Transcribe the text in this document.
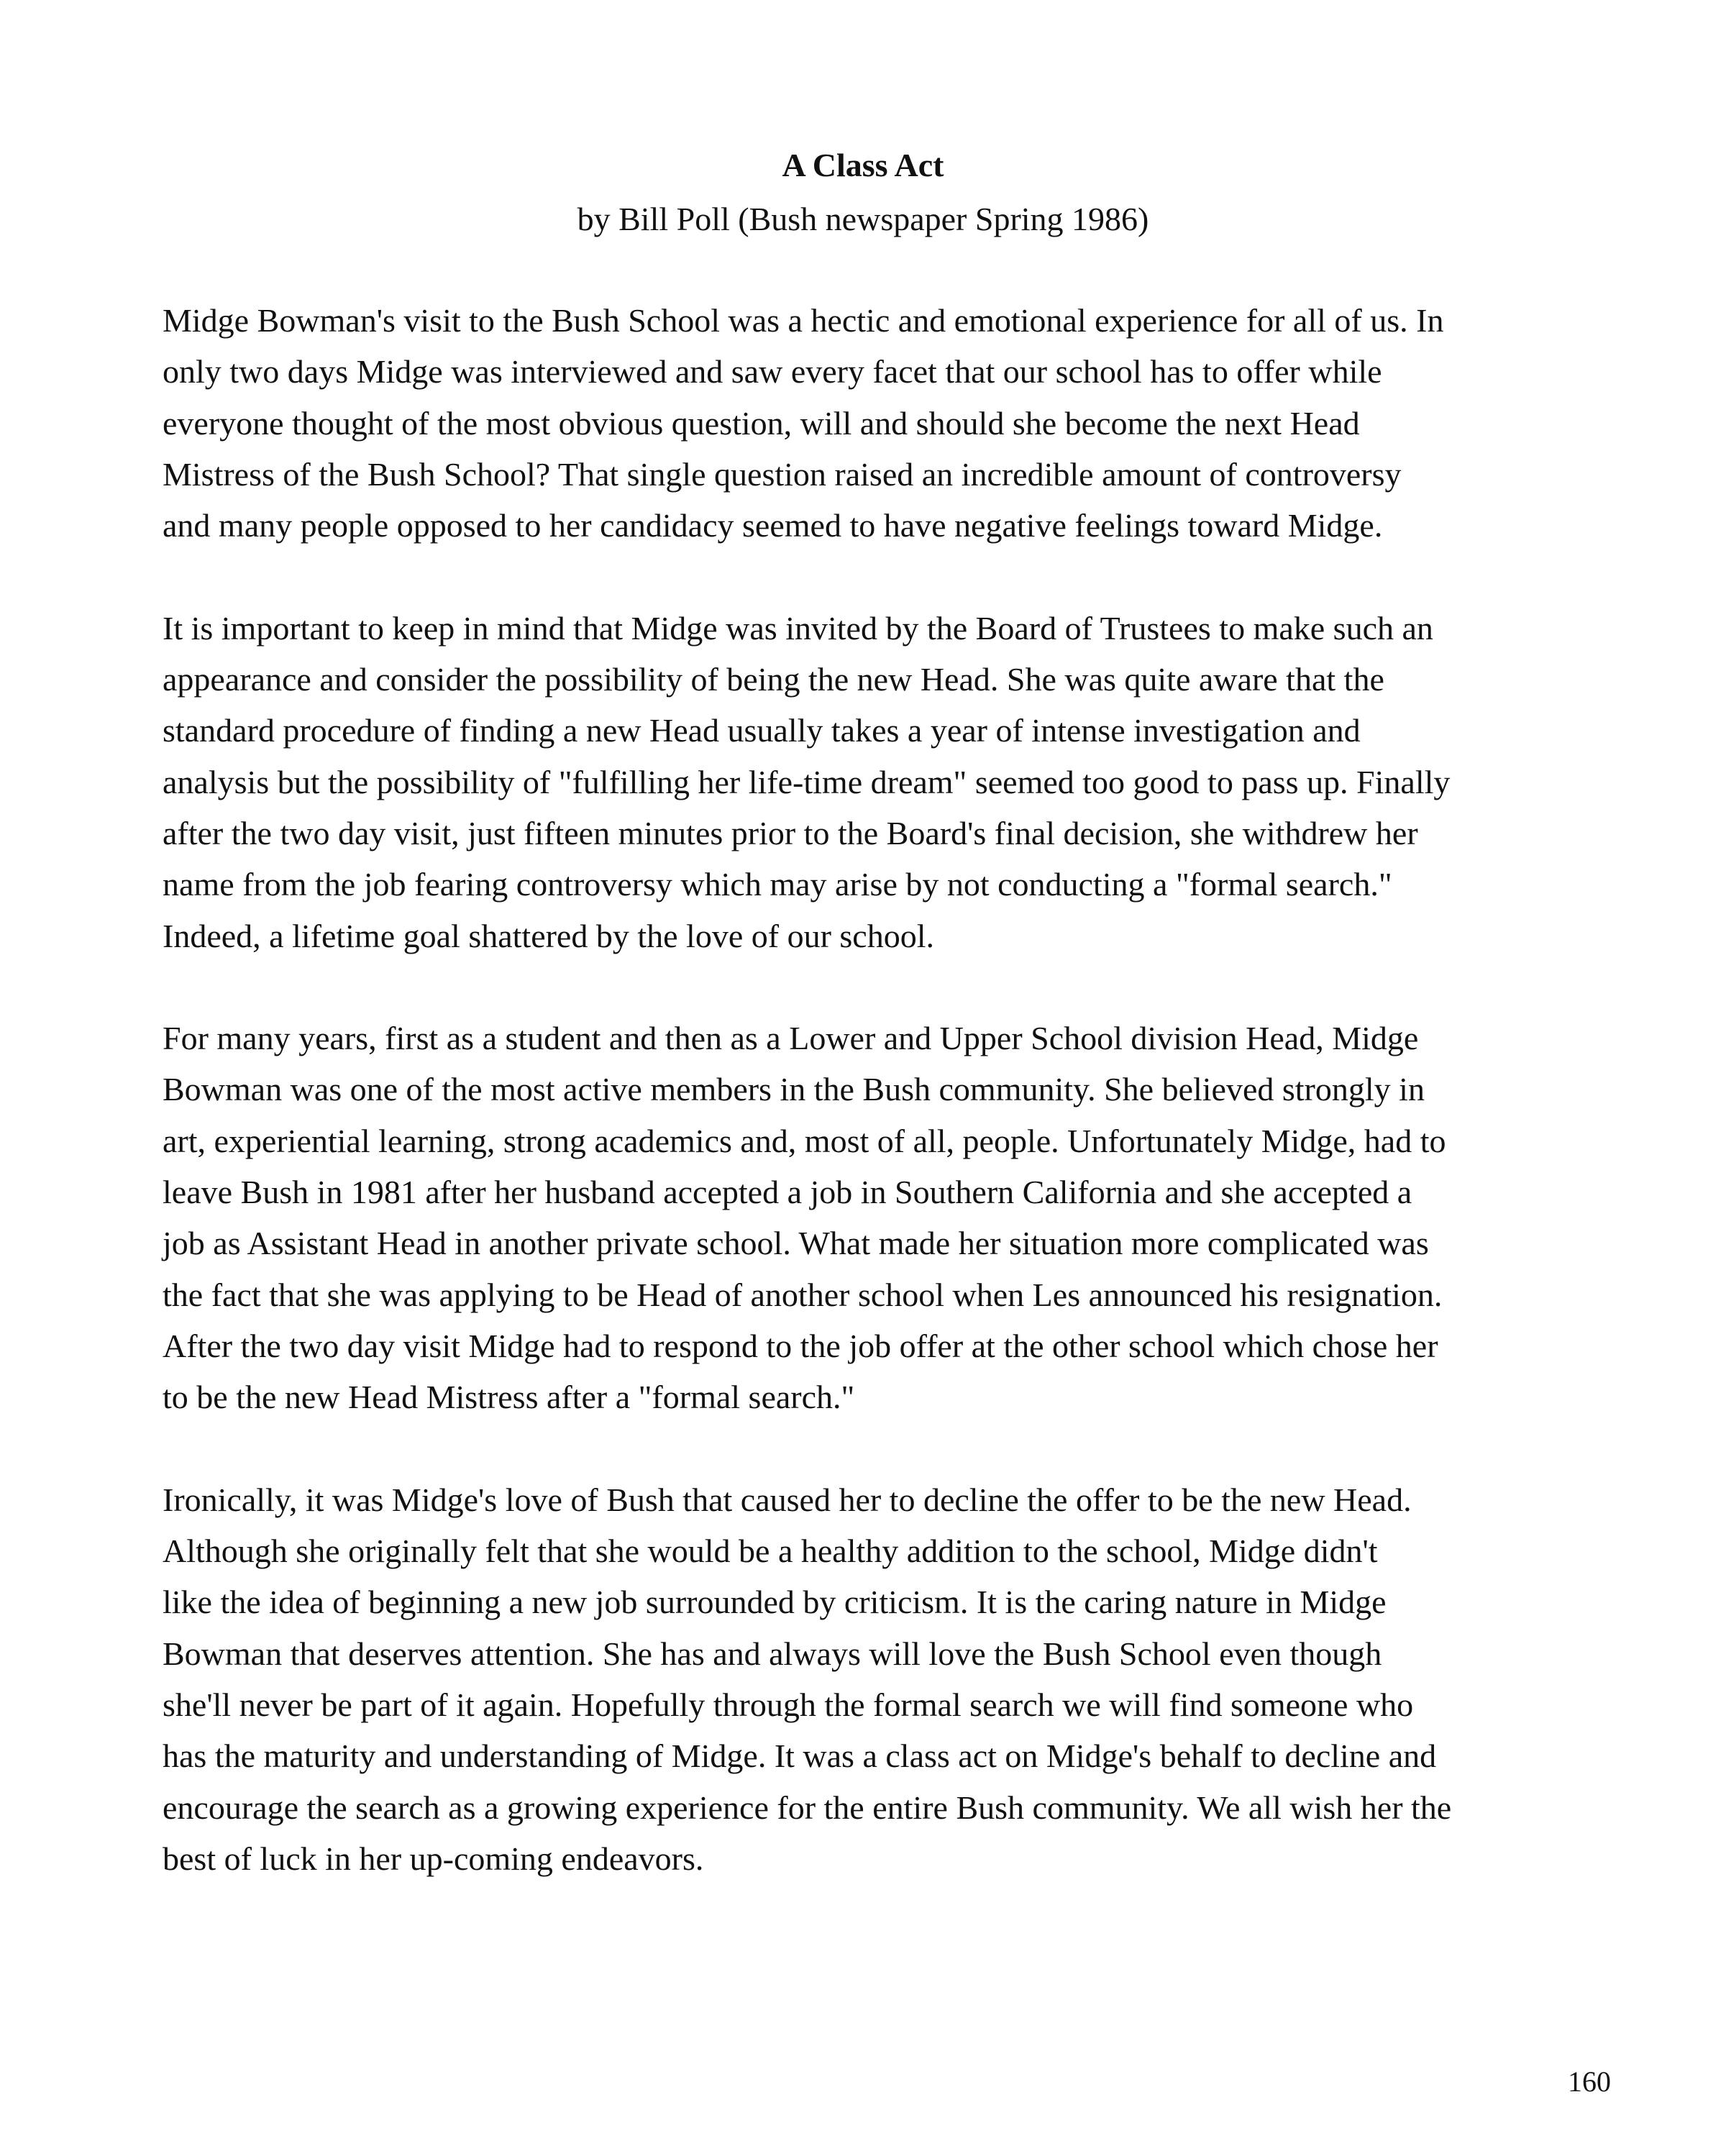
A Class Act

by Bill Poll (Bush newspaper Spring 1986)

Midge Bowman's visit to the Bush School was a hectic and emotional experience for all of us. In
only two days Midge was interviewed and saw every facet that our school has to offer while
everyone thought of the most obvious question, will and should she become the next Head
Mistress of the Bush School? That single question raised an incredible amount of controversy
and many people opposed to her candidacy seemed to have negative feelings toward Midge.

It is important to keep in mind that Midge was invited by the Board of Trustees to make such an
appearance and consider the possibility of being the new Head. She was quite aware that the
standard procedure of finding a new Head usually takes a year of intense investigation and
analysis but the possibility of "fulfilling her life-time dream" seemed too good to pass up. Finally
after the two day visit, just fifteen minutes prior to the Board's final decision, she withdrew her
name from the job fearing controversy which may arise by not conducting a "formal search."
Indeed, a lifetime goal shattered by the love of our school.

For many years, first as a student and then as a Lower and Upper School division Head, Midge
Bowman was one of the most active members in the Bush community. She believed strongly in
art, experiential learning, strong academics and, most of all, people. Unfortunately Midge, had to
leave Bush in 1981 after her husband accepted a job in Southern California and she accepted a
job as Assistant Head in another private school. What made her situation more complicated was
the fact that she was applying to be Head of another school when Les announced his resignation.
After the two day visit Midge had to respond to the job offer at the other school which chose her
to be the new Head Mistress after a "formal search."

Ironically, it was Midge's love of Bush that caused her to decline the offer to be the new Head.
Although she originally felt that she would be a healthy addition to the school, Midge didn't
like the idea of beginning a new job surrounded by criticism. It is the caring nature in Midge
Bowman that deserves attention. She has and always will love the Bush School even though
she'll never be part of it again. Hopefully through the formal search we will find someone who
has the maturity and understanding of Midge. It was a class act on Midge's behalf to decline and
encourage the search as a growing experience for the entire Bush community. We all wish her the
best of luck in her up-coming endeavors.

160
